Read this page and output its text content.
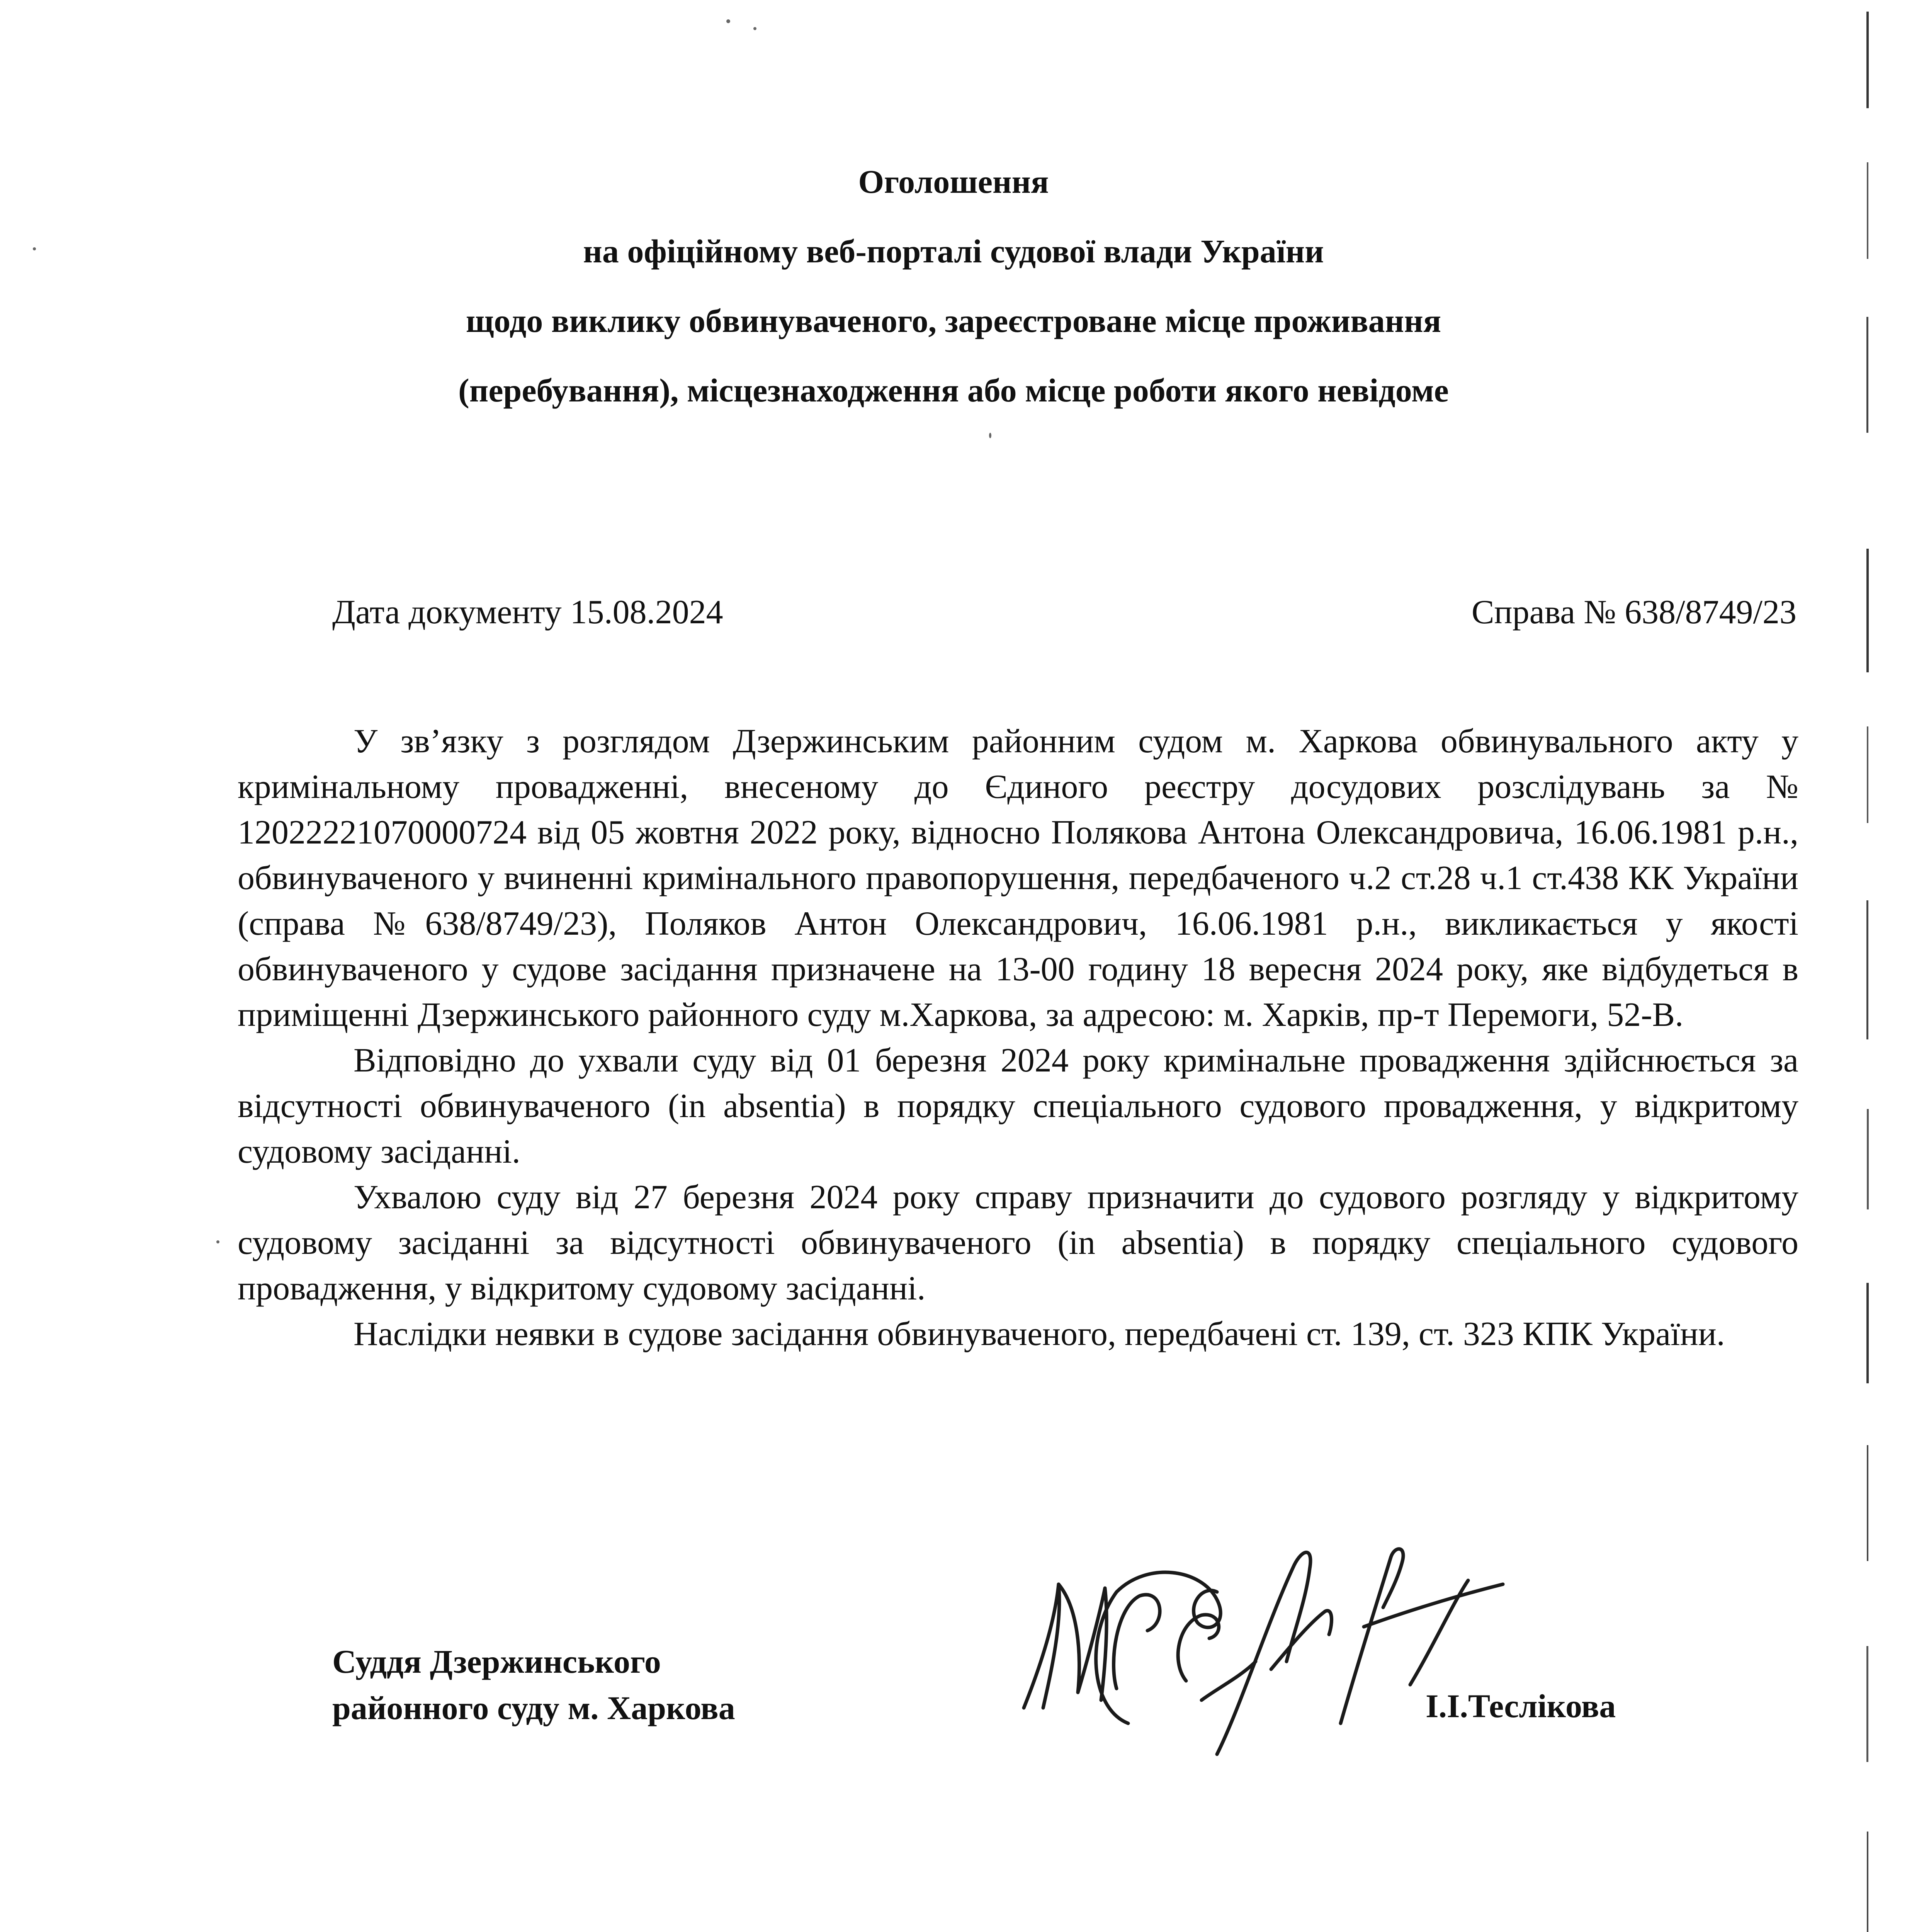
Оголошення
на офіційному веб-порталі судової влади України
щодо виклику обвинуваченого, зареєстроване місце проживання
(перебування), місцезнаходження або місце роботи якого невідоме
Дата документу 15.08.2024	Справа № 638/8749/23

У зв’язку з розглядом Дзержинським районним судом м. Харкова обвинувального акту у кримінальному провадженні, внесеному до Єдиного реєстру досудових розслідувань за № 12022221070000724 від 05 жовтня 2022 року, відносно Полякова Антона Олександровича, 16.06.1981 р.н., обвинуваченого у вчиненні кримінального правопорушення, передбаченого ч.2 ст.28 ч.1 ст.438 КК України (справа №638/8749/23), Поляков Антон Олександрович, 16.06.1981 р.н., викликається у якості обвинуваченого у судове засідання призначене на 13-00 годину 18 вересня 2024 року, яке відбудеться в приміщенні Дзержинського районного суду м.Харкова, за адресою: м. Харків, пр-т Перемоги, 52-В.

Відповідно до ухвали суду від 01 березня 2024 року кримінальне провадження здійснюється за відсутності обвинуваченого (in absentia) в порядку спеціального судового провадження, у відкритому судовому засіданні.

Ухвалою суду від 27 березня 2024 року справу призначити до судового розгляду у відкритому судовому засіданні за відсутності обвинуваченого (in absentia) в порядку спеціального судового провадження, у відкритому судовому засіданні.

Наслідки неявки в судове засідання обвинуваченого, передбачені ст. 139, ст. 323 КПК України.

Суддя Дзержинського
районного суду м. Харкова	І.І.Теслікова
